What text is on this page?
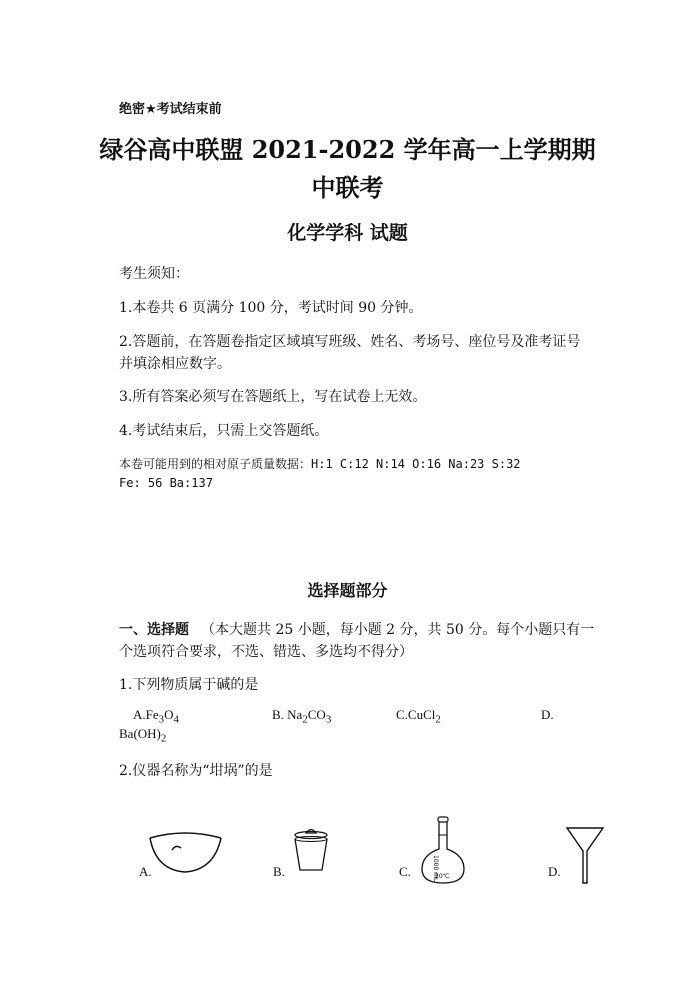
绝密★考试结束前
绿谷高中联盟 2021-2022 学年高一上学期期
中联考
化学学科 试题
考生须知：
1.本卷共 6 页满分 100 分，考试时间 90 分钟。
2.答题前，在答题卷指定区域填写班级、姓名、考场号、座位号及准考证号
并填涂相应数字。
3.所有答案必须写在答题纸上，写在试卷上无效。
4.考试结束后，只需上交答题纸。
本卷可能用到的相对原子质量数据：H:1 C:12 N:14 O:16 Na:23 S:32
Fe: 56 Ba:137
选择题部分
一、选择题 （本大题共 25 小题，每小题 2 分，共 50 分。每个小题只有一
个选项符合要求，不选、错选、多选均不得分）
1.下列物质属于碱的是
$A.Fe_3O_4$	B. $Na_2CO_3$	C.CuCl$_2$	D.
$Ba(OH)_2$
2.仪器名称为“坩埚”的是
A.	B.	1000 mL
20℃
C.	D.
